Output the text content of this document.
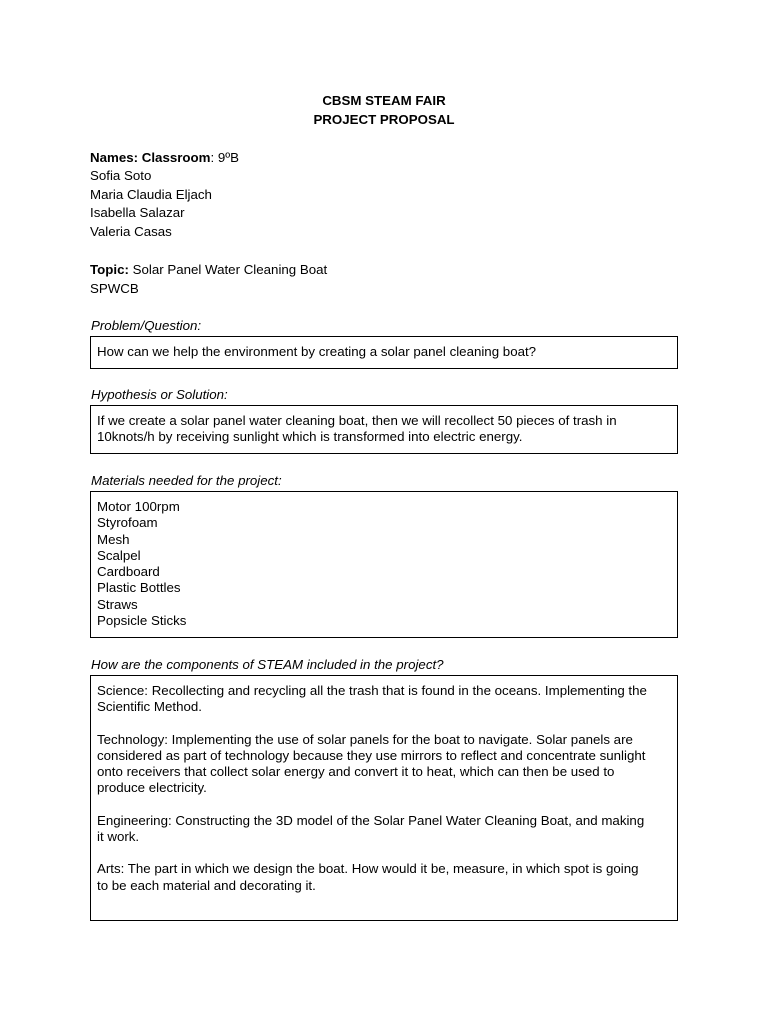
CBSM STEAM FAIR
PROJECT PROPOSAL
Names: Classroom: 9ºB
Sofia Soto
Maria Claudia Eljach
Isabella Salazar
Valeria Casas
Topic: Solar Panel Water Cleaning Boat
SPWCB
Problem/Question:

How can we help the environment by creating a solar panel cleaning boat?

Hypothesis or Solution:

If we create a solar panel water cleaning boat, then we will recollect 50 pieces of trash in

10knots/h by receiving sunlight which is transformed into electric energy.

Materials needed for the project:

Motor 100rpm

Styrofoam

Mesh

Scalpel

Cardboard

Plastic Bottles

Straws

Popsicle Sticks

How are the components of STEAM included in the project?

Science: Recollecting and recycling all the trash that is found in the oceans. Implementing the

Scientific Method.

Technology: Implementing the use of solar panels for the boat to navigate. Solar panels are

considered as part of technology because they use mirrors to reflect and concentrate sunlight

onto receivers that collect solar energy and convert it to heat, which can then be used to

produce electricity.

Engineering: Constructing the 3D model of the Solar Panel Water Cleaning Boat, and making

it work.

Arts: The part in which we design the boat. How would it be, measure, in which spot is going

to be each material and decorating it.
